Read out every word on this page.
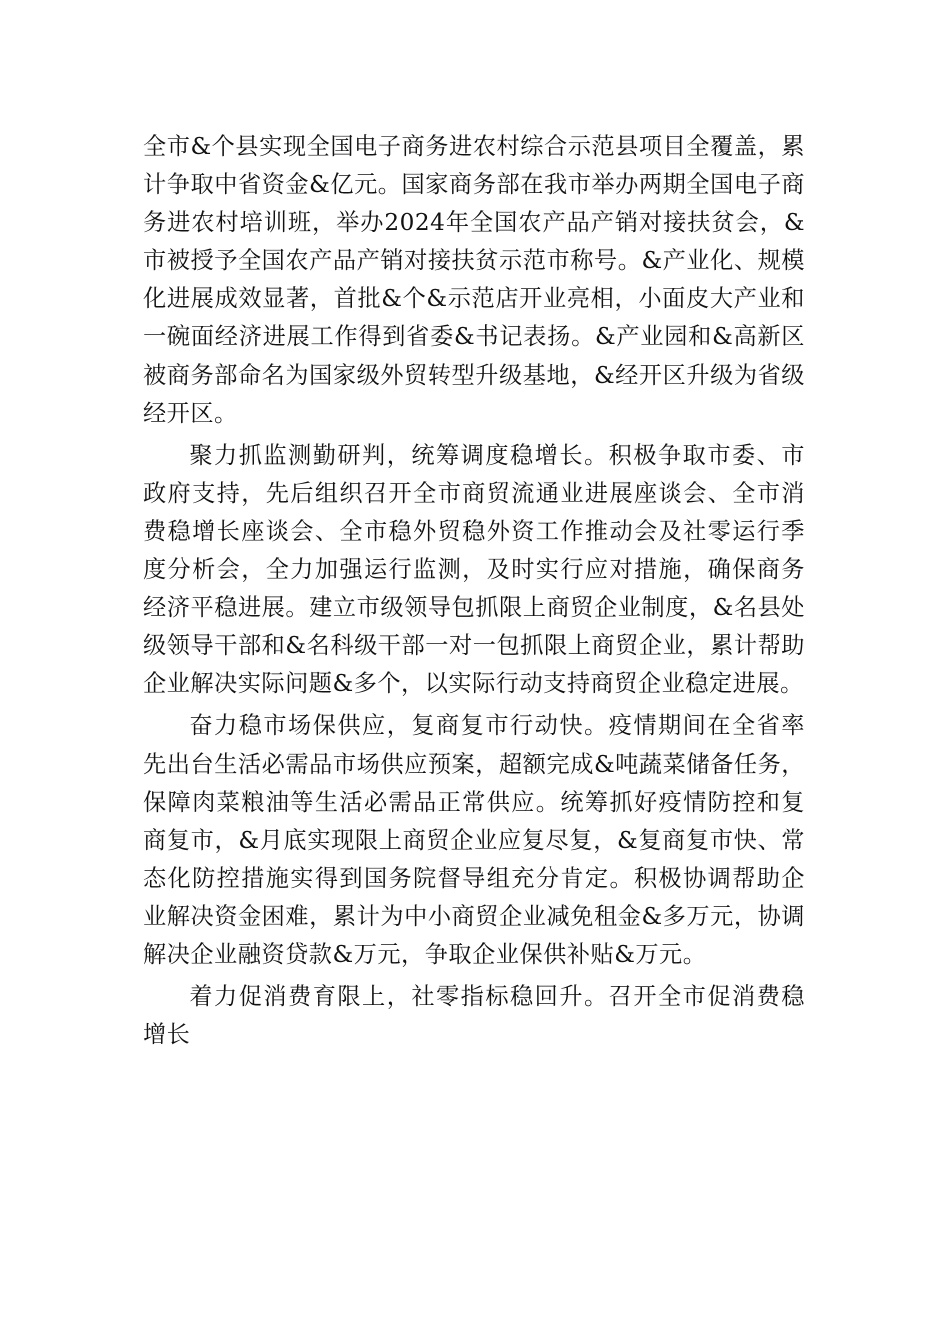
全市&个县实现全国电子商务进农村综合示范县项目全覆盖，累计争取中省资金&亿元。国家商务部在我市举办两期全国电子商务进农村培训班，举办2024年全国农产品产销对接扶贫会，&市被授予全国农产品产销对接扶贫示范市称号。&产业化、规模化进展成效显著，首批&个&示范店开业亮相，小面皮大产业和一碗面经济进展工作得到省委&书记表扬。&产业园和&高新区被商务部命名为国家级外贸转型升级基地，&经开区升级为省级经开区。

聚力抓监测勤研判，统筹调度稳增长。积极争取市委、市政府支持，先后组织召开全市商贸流通业进展座谈会、全市消费稳增长座谈会、全市稳外贸稳外资工作推动会及社零运行季度分析会，全力加强运行监测，及时实行应对措施，确保商务经济平稳进展。建立市级领导包抓限上商贸企业制度，&名县处级领导干部和&名科级干部一对一包抓限上商贸企业，累计帮助企业解决实际问题&多个，以实际行动支持商贸企业稳定进展。

奋力稳市场保供应，复商复市行动快。疫情期间在全省率先出台生活必需品市场供应预案，超额完成&吨蔬菜储备任务，保障肉菜粮油等生活必需品正常供应。统筹抓好疫情防控和复商复市，&月底实现限上商贸企业应复尽复，&复商复市快、常态化防控措施实得到国务院督导组充分肯定。积极协调帮助企业解决资金困难，累计为中小商贸企业减免租金&多万元，协调解决企业融资贷款&万元，争取企业保供补贴&万元。

着力促消费育限上，社零指标稳回升。召开全市促消费稳增长
